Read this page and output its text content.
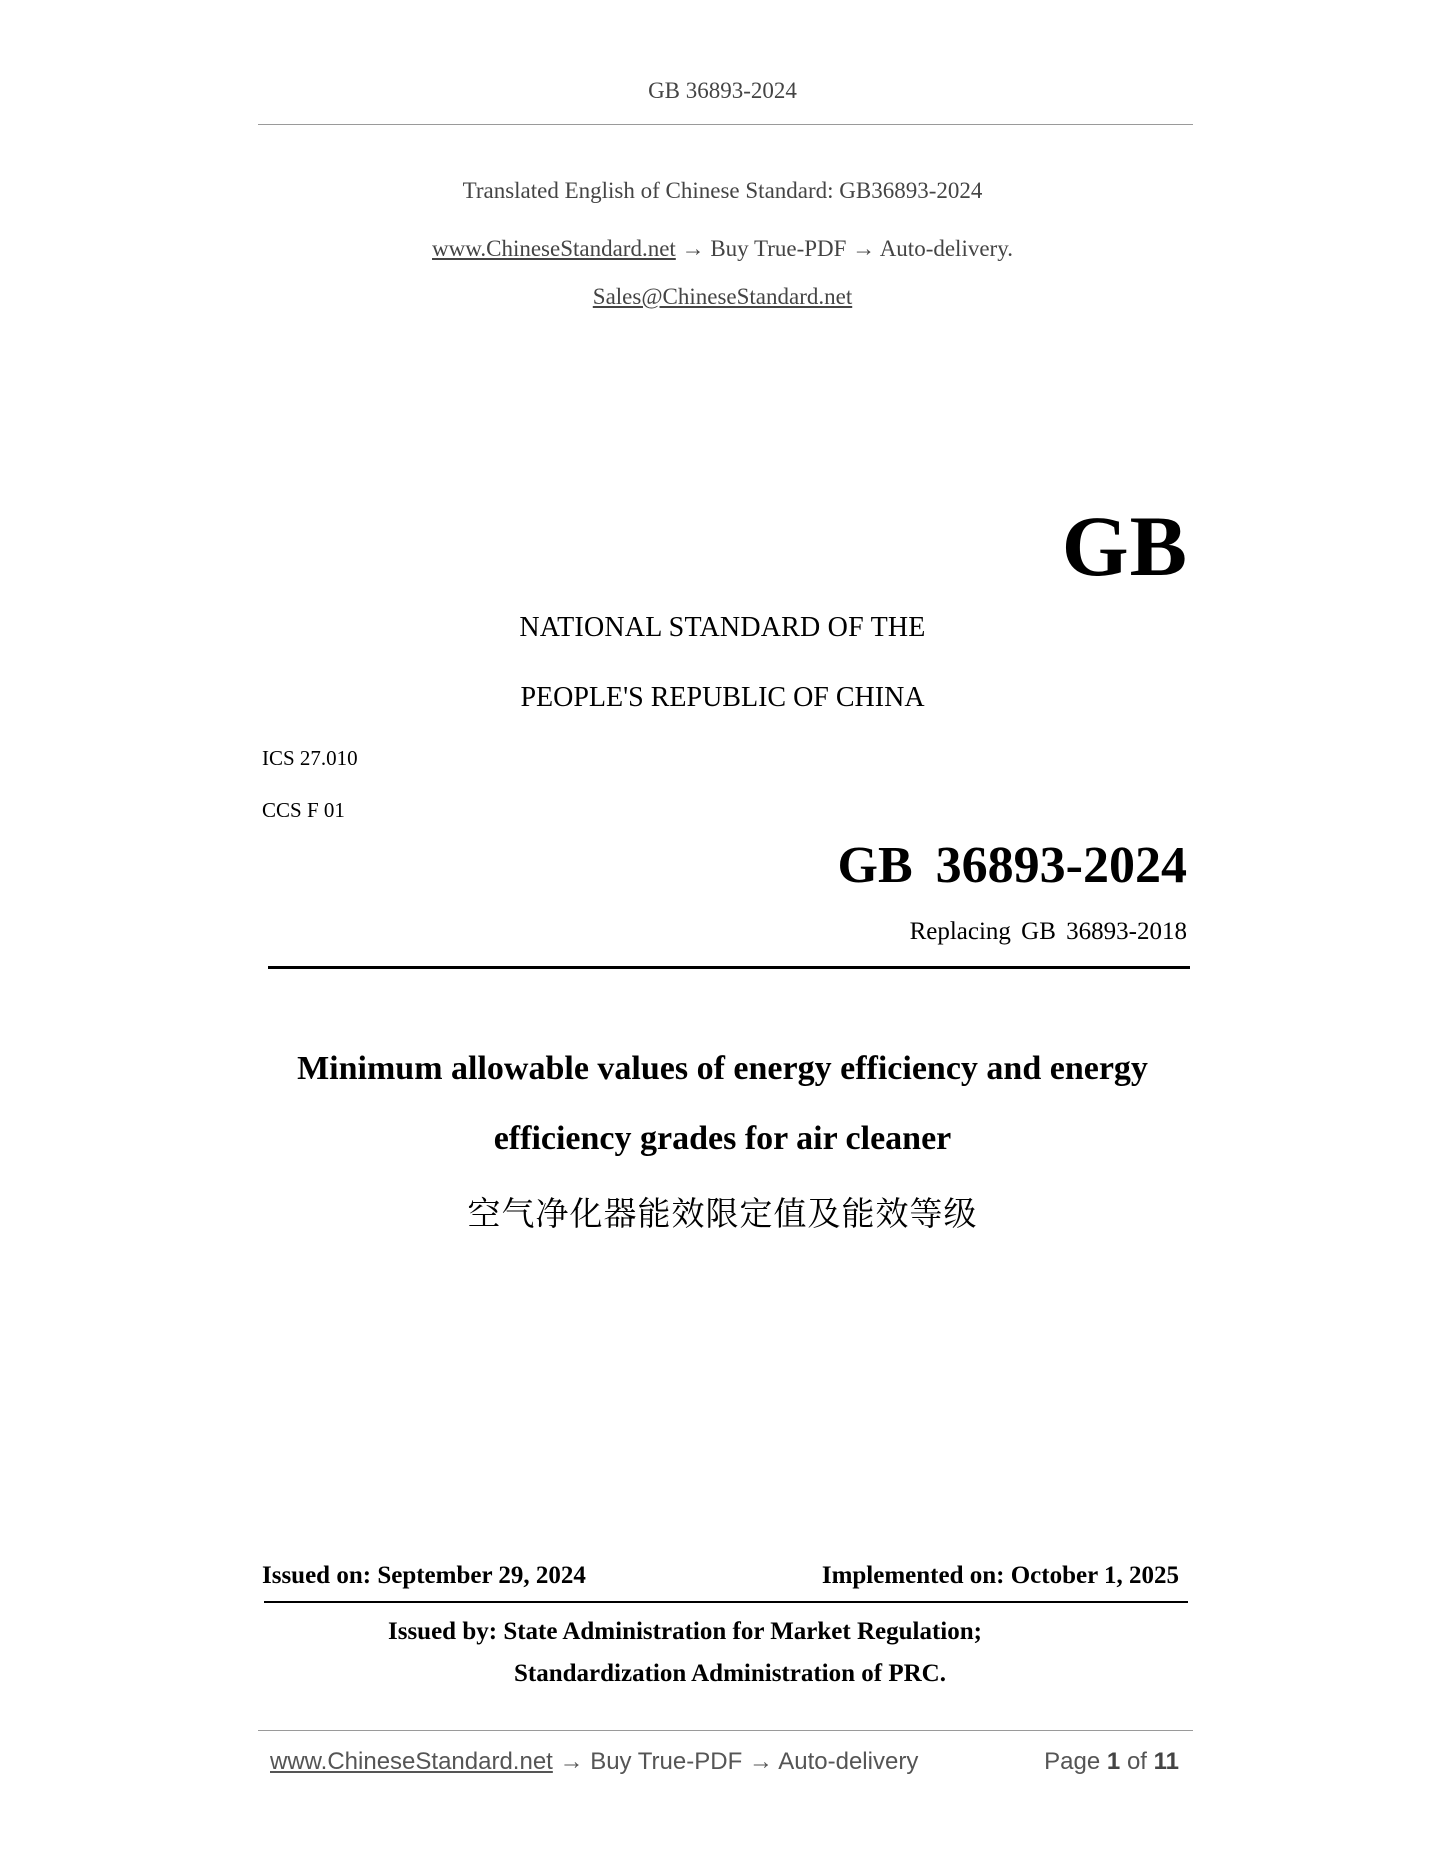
GB 36893-2024
Translated English of Chinese Standard: GB36893-2024
www.ChineseStandard.net → Buy True-PDF → Auto-delivery.
Sales@ChineseStandard.net
GB
NATIONAL STANDARD OF THE
PEOPLE'S REPUBLIC OF CHINA
ICS 27.010
CCS F 01
GB 36893-2024
Replacing GB 36893-2018
Minimum allowable values of energy efficiency and energy
efficiency grades for air cleaner
空气净化器能效限定值及能效等级
Issued on: September 29, 2024	Implemented on: October 1, 2025
Issued by: State Administration for Market Regulation;
Standardization Administration of PRC.
www.ChineseStandard.net → Buy True-PDF → Auto-delivery	Page 1 of 11
